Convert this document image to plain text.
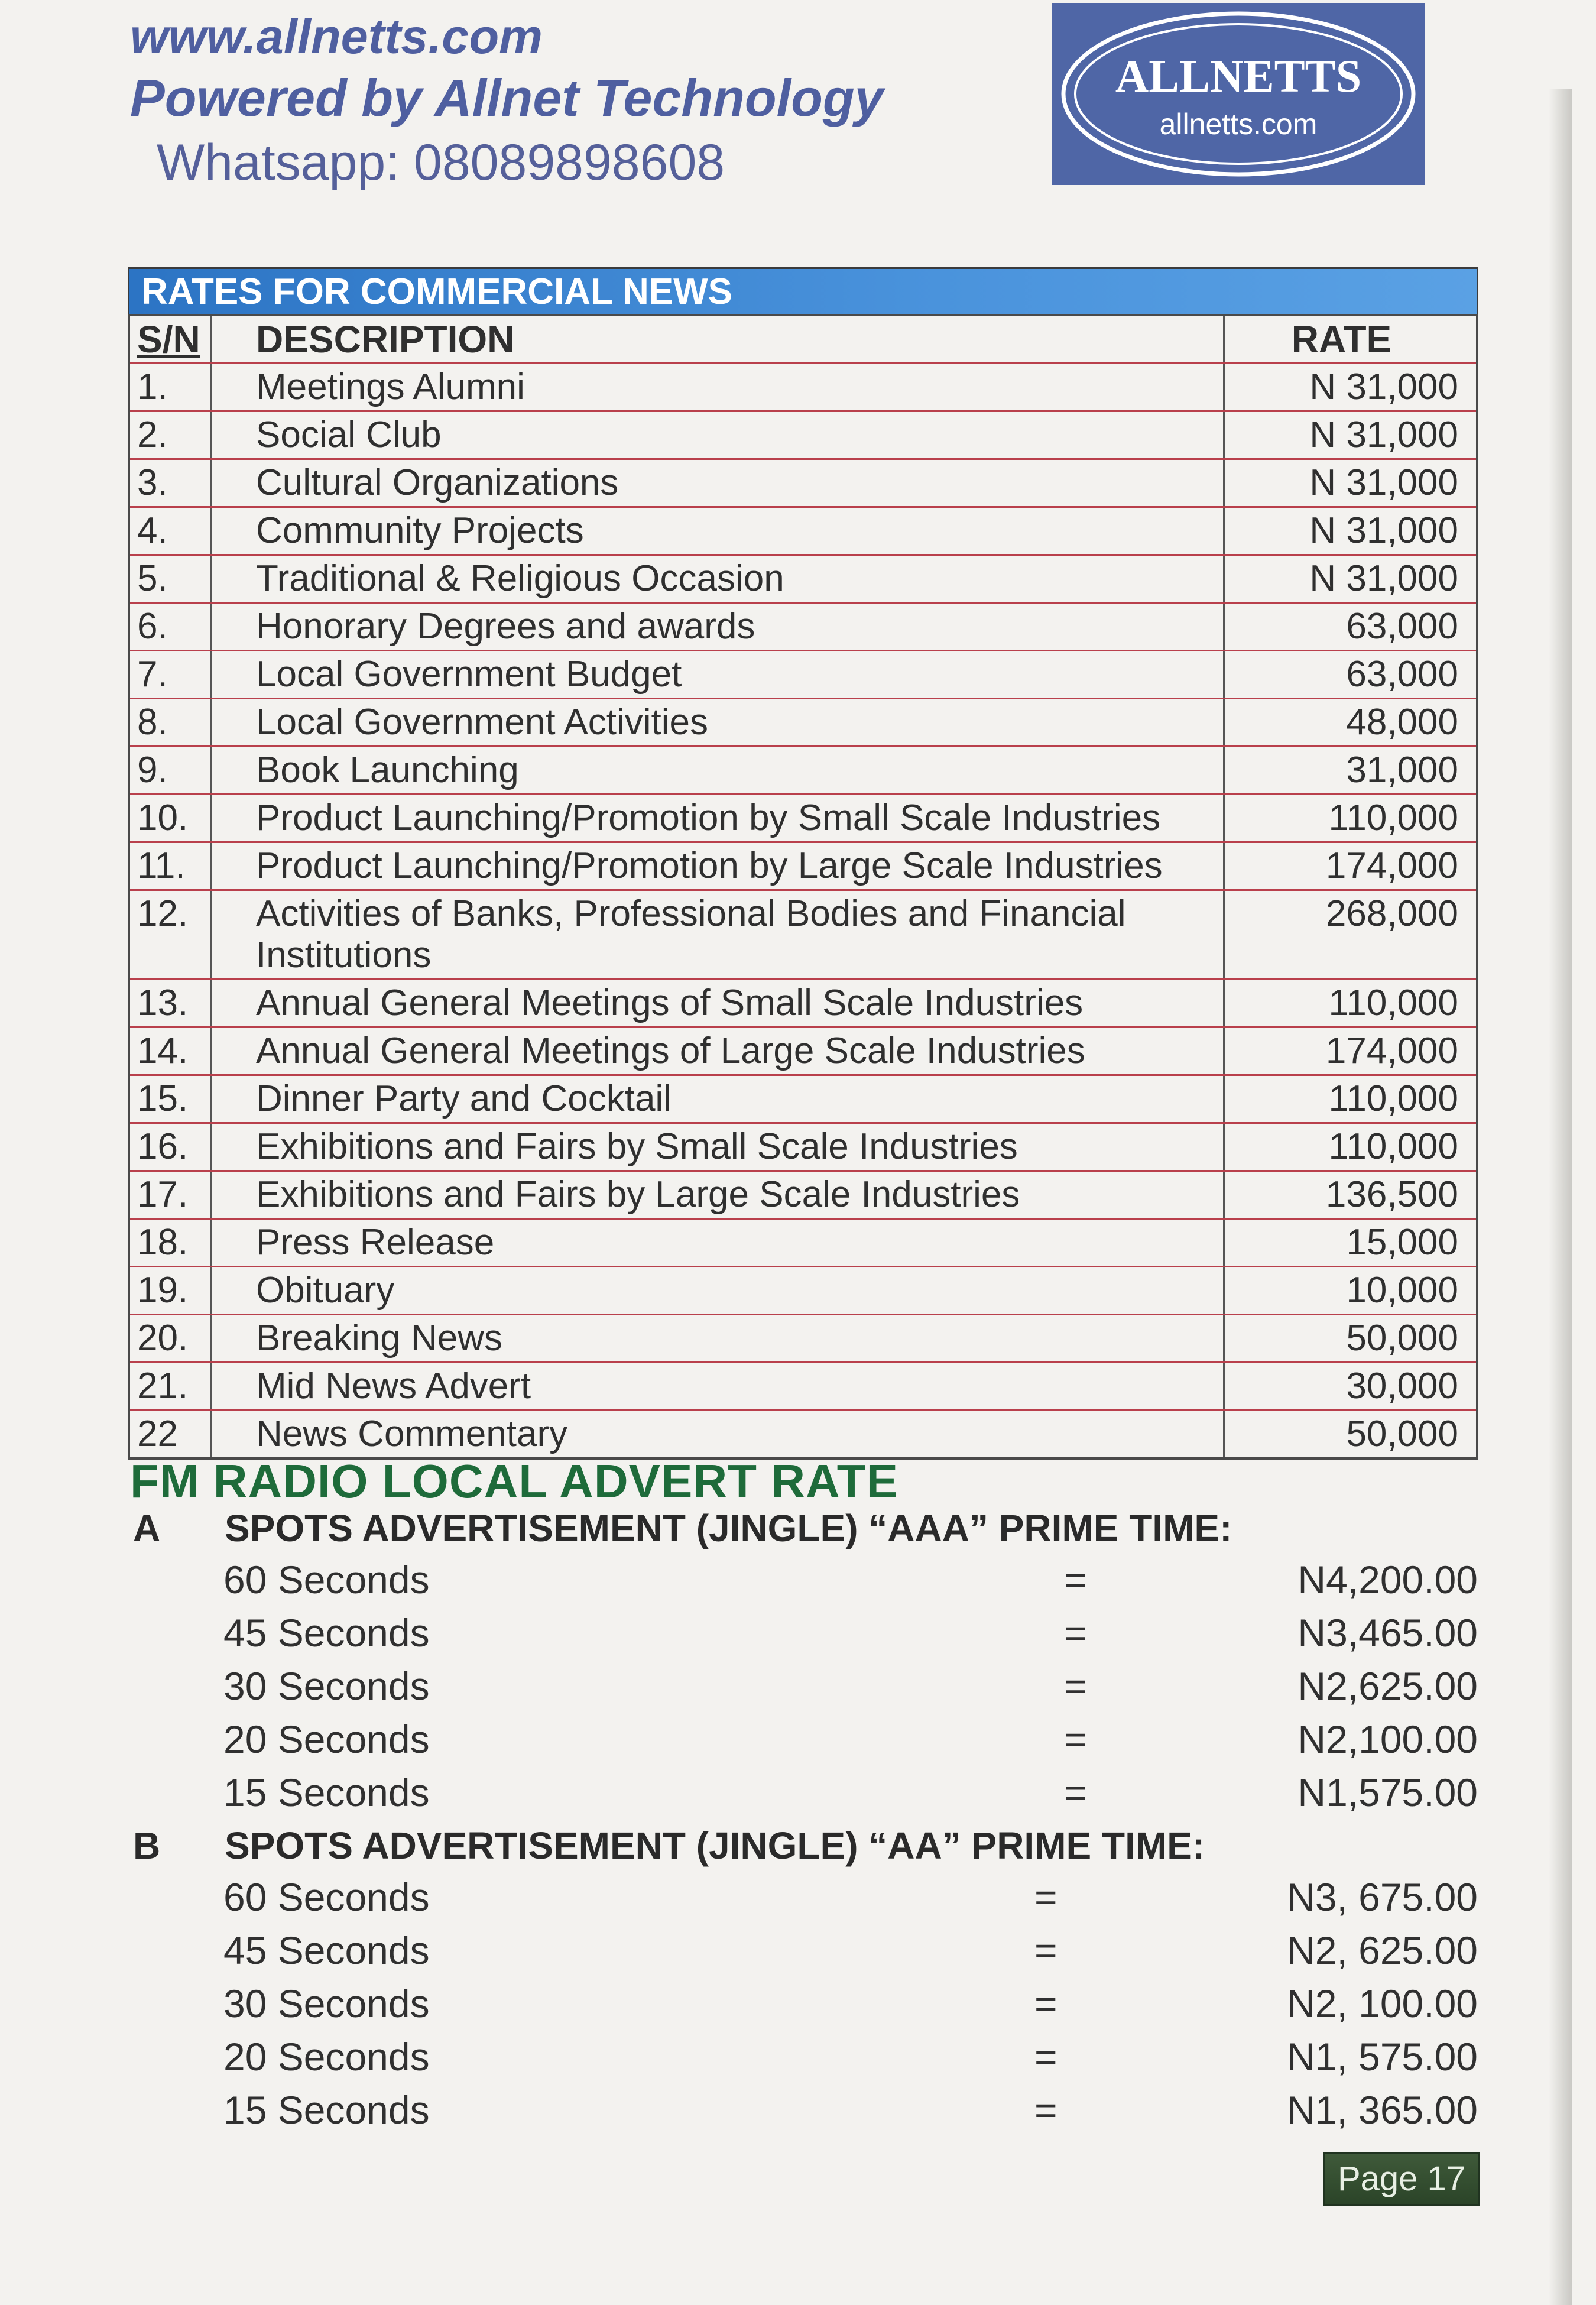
www.allnetts.com

Powered by Allnet Technology

Whatsapp: 08089898608

ALLNETTS
allnetts.com
RATES FOR COMMERCIAL NEWS
S/N	DESCRIPTION	RATE
1.	Meetings Alumni	N 31,000
2.	Social Club	N 31,000
3.	Cultural Organizations	N 31,000
4.	Community Projects	N 31,000
5.	Traditional & Religious Occasion	N 31,000
6.	Honorary Degrees and awards	63,000
7.	Local Government Budget	63,000
8.	Local Government Activities	48,000
9.	Book Launching	31,000
10.	Product Launching/Promotion by Small Scale Industries	110,000
11.	Product Launching/Promotion by Large Scale Industries	174,000
12.	Activities of Banks, Professional Bodies and Financial Institutions	268,000
13.	Annual General Meetings of Small Scale Industries	110,000
14.	Annual General Meetings of Large Scale Industries	174,000
15.	Dinner Party and Cocktail	110,000
16.	Exhibitions and Fairs by Small Scale Industries	110,000
17.	Exhibitions and Fairs by Large Scale Industries	136,500
18.	Press Release	15,000
19.	Obituary	10,000
20.	Breaking News	50,000
21.	Mid News Advert	30,000
22	News Commentary	50,000
FM RADIO LOCAL ADVERT RATE
A SPOTS ADVERTISEMENT (JINGLE) “AAA” PRIME TIME:
60 Seconds	=	N4,200.00
45 Seconds	=	N3,465.00
30 Seconds	=	N2,625.00
20 Seconds	=	N2,100.00
15 Seconds	=	N1,575.00
B SPOTS ADVERTISEMENT (JINGLE) “AA” PRIME TIME:
60 Seconds	=	N3, 675.00
45 Seconds	=	N2, 625.00
30 Seconds	=	N2, 100.00
20 Seconds	=	N1, 575.00
15 Seconds	=	N1, 365.00
Page 17
